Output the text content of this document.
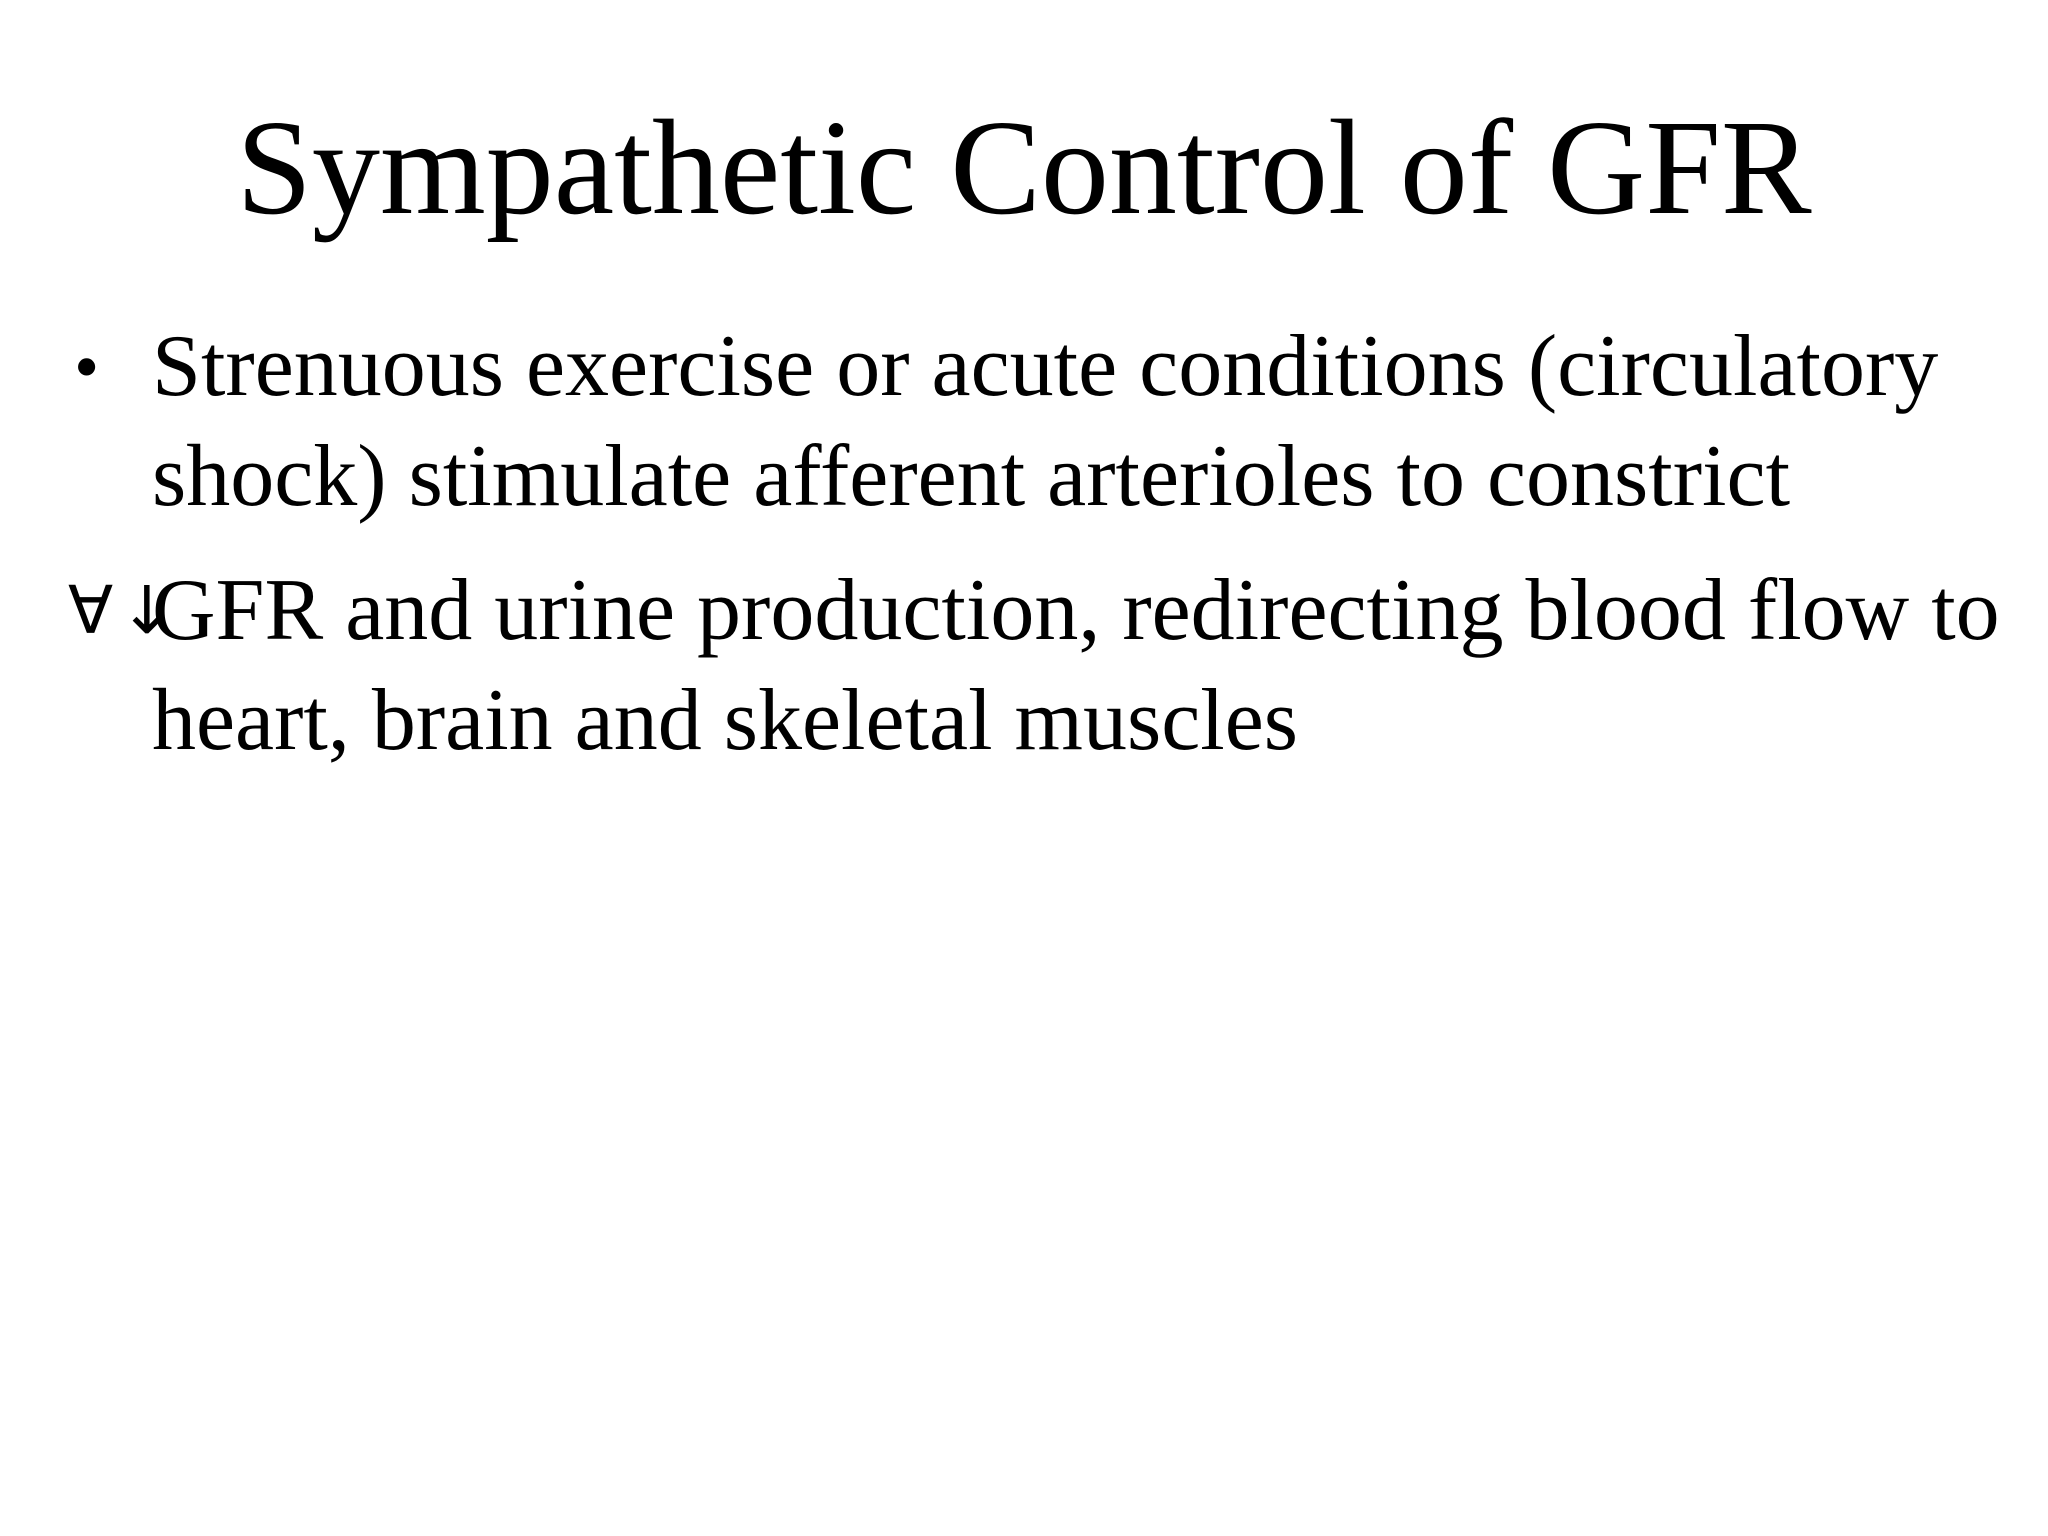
Sympathetic Control of GFR
• Strenuous exercise or acute conditions (circulatory shock) stimulate afferent arterioles to constrict
∀↓
GFR and urine production, redirecting blood flow to heart, brain and skeletal muscles
